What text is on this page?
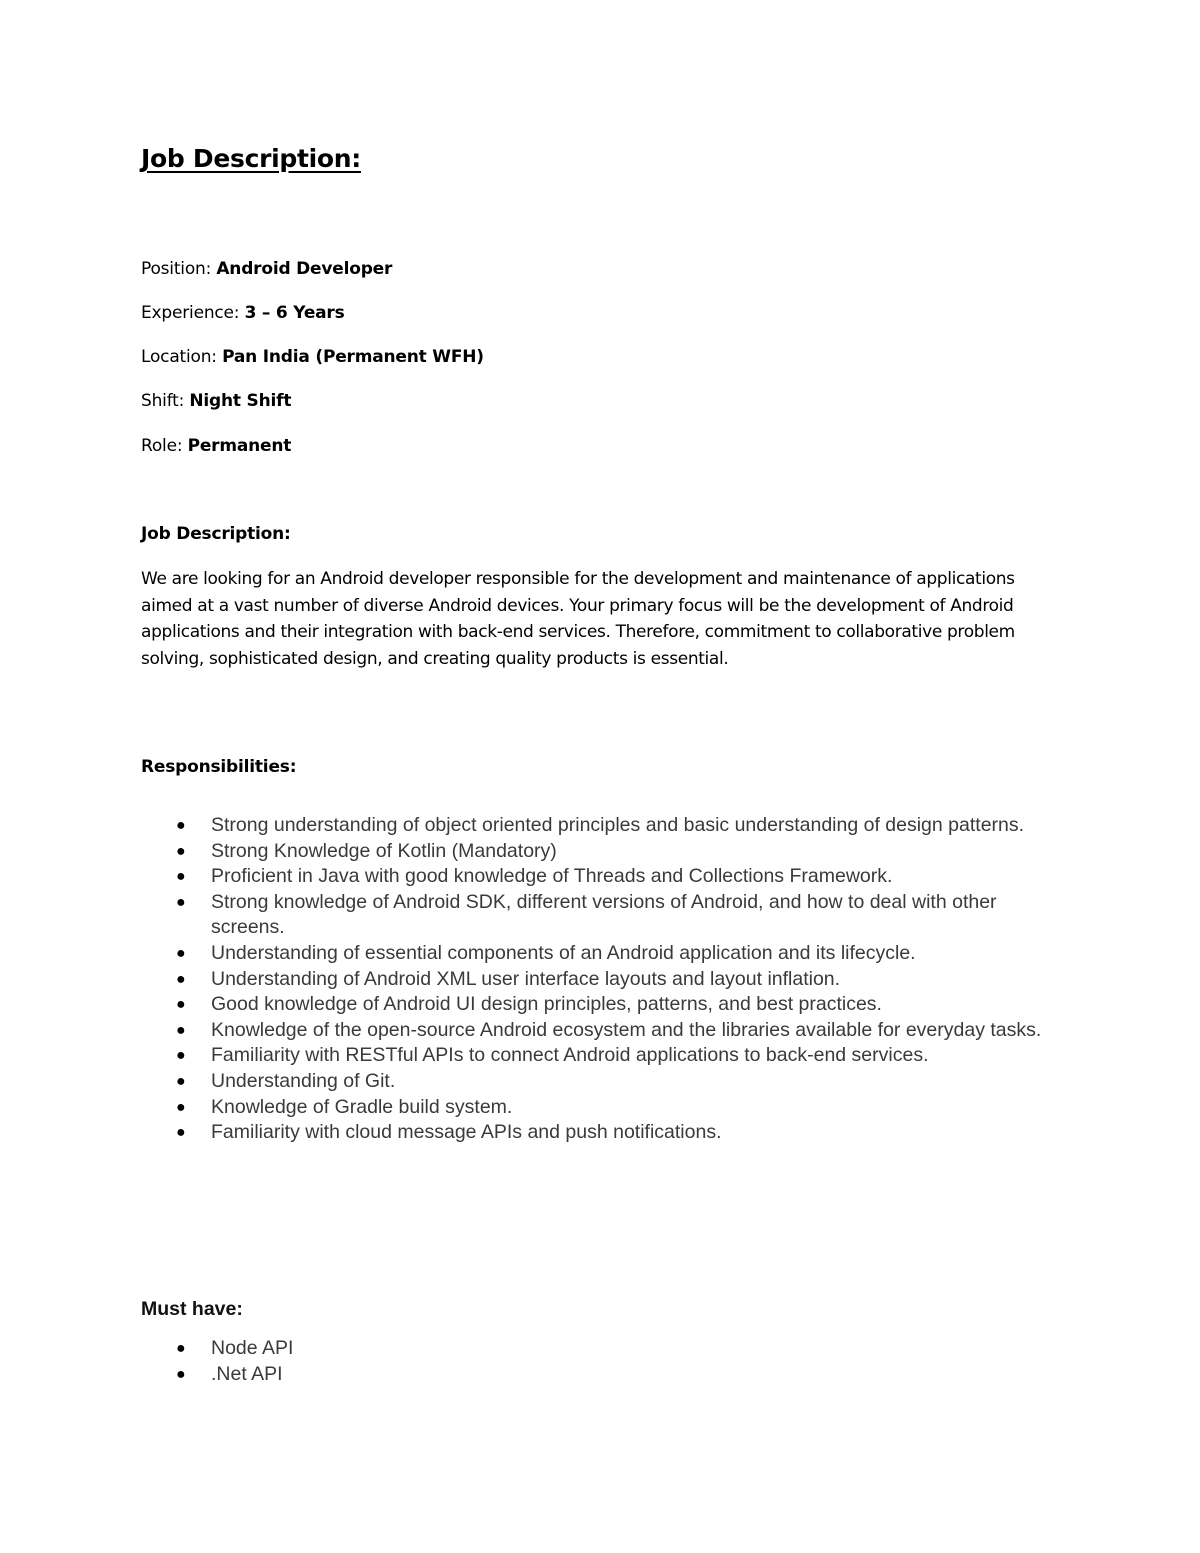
Job Description:

Position: Android Developer

Experience: 3 – 6 Years

Location: Pan India (Permanent WFH)

Shift: Night Shift

Role: Permanent

Job Description:

We are looking for an Android developer responsible for the development and maintenance of applications aimed at a vast number of diverse Android devices. Your primary focus will be the development of Android applications and their integration with back-end services. Therefore, commitment to collaborative problem solving, sophisticated design, and creating quality products is essential.

Responsibilities:
● Strong understanding of object oriented principles and basic understanding of design patterns.
● Strong Knowledge of Kotlin (Mandatory)
● Proficient in Java with good knowledge of Threads and Collections Framework.
● Strong knowledge of Android SDK, different versions of Android, and how to deal with other screens.
● Understanding of essential components of an Android application and its lifecycle.
● Understanding of Android XML user interface layouts and layout inflation.
● Good knowledge of Android UI design principles, patterns, and best practices.
● Knowledge of the open-source Android ecosystem and the libraries available for everyday tasks.
● Familiarity with RESTful APIs to connect Android applications to back-end services.
● Understanding of Git.
● Knowledge of Gradle build system.
● Familiarity with cloud message APIs and push notifications.
Must have:
● Node API
● .Net API
